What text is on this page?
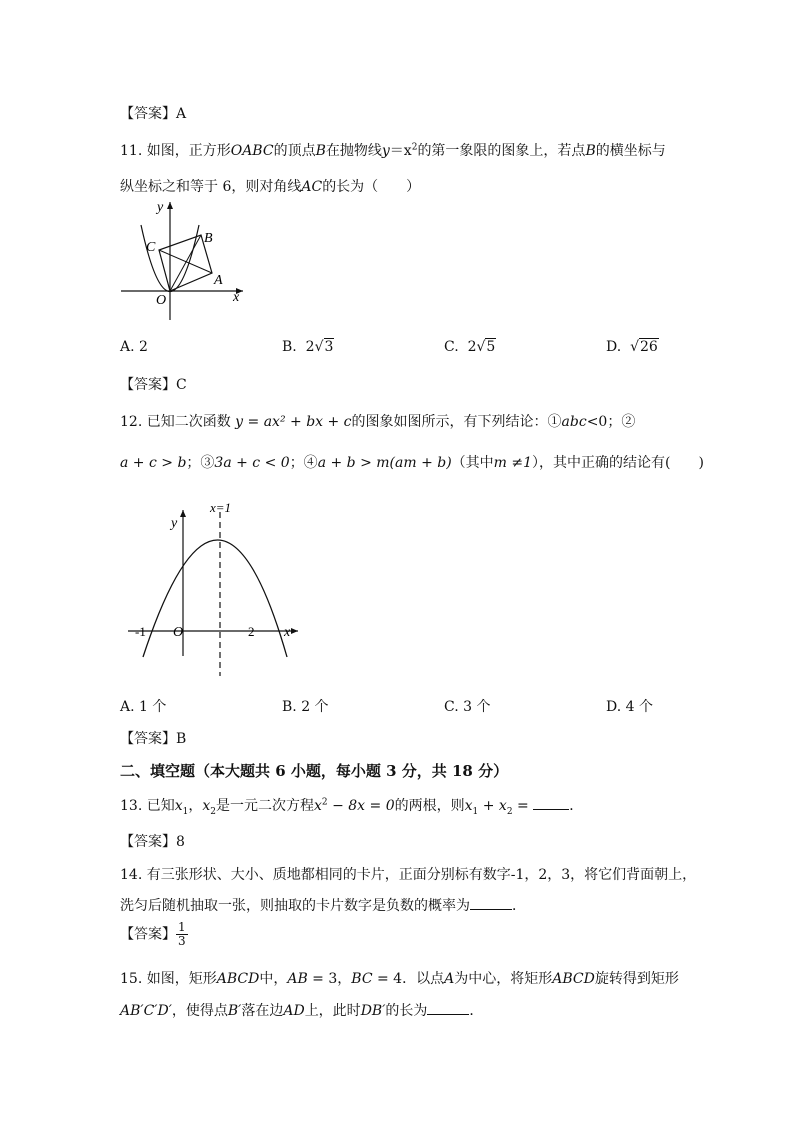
【答案】A
11. 如图，正方形OABC的顶点B在抛物线$y=x^2$的第一象限的图象上，若点B的横坐标与
纵坐标之和等于 6，则对角线AC的长为（　　）
y
x
O
A
B
C
A. 2	B. 2√3	C. 2√5	D.  √26
【答案】C
12. 已知二次函数 y = ax² + bx + c的图象如图所示，有下列结论：①abc<0；②
a + c > b；③3a + c < 0；④a + b > m(am + b)（其中m ≠1），其中正确的结论有(　　)
x=1
y
x
O
-1	2
A. 1 个	B. 2 个	C. 3 个	D. 4 个
【答案】B
二、填空题（本大题共 6 小题，每小题 3 分，共 18 分）
13. 已知$x_1$，$x_2$是一元二次方程$x^2 - 8x = 0$的两根，则$x_1 + x_2$ =	．
【答案】8
14. 有三张形状、大小、质地都相同的卡片，正面分别标有数字-1，2，3，将它们背面朝上，
洗匀后随机抽取一张，则抽取的卡片数字是负数的概率为	．
【答案】 $\frac{1}{3}$
15. 如图，矩形ABCD中，AB = 3，BC = 4．以点A为中心，将矩形ABCD旋转得到矩形
AB′C′D′，使得点B′落在边AD上，此时DB′的长为	．
